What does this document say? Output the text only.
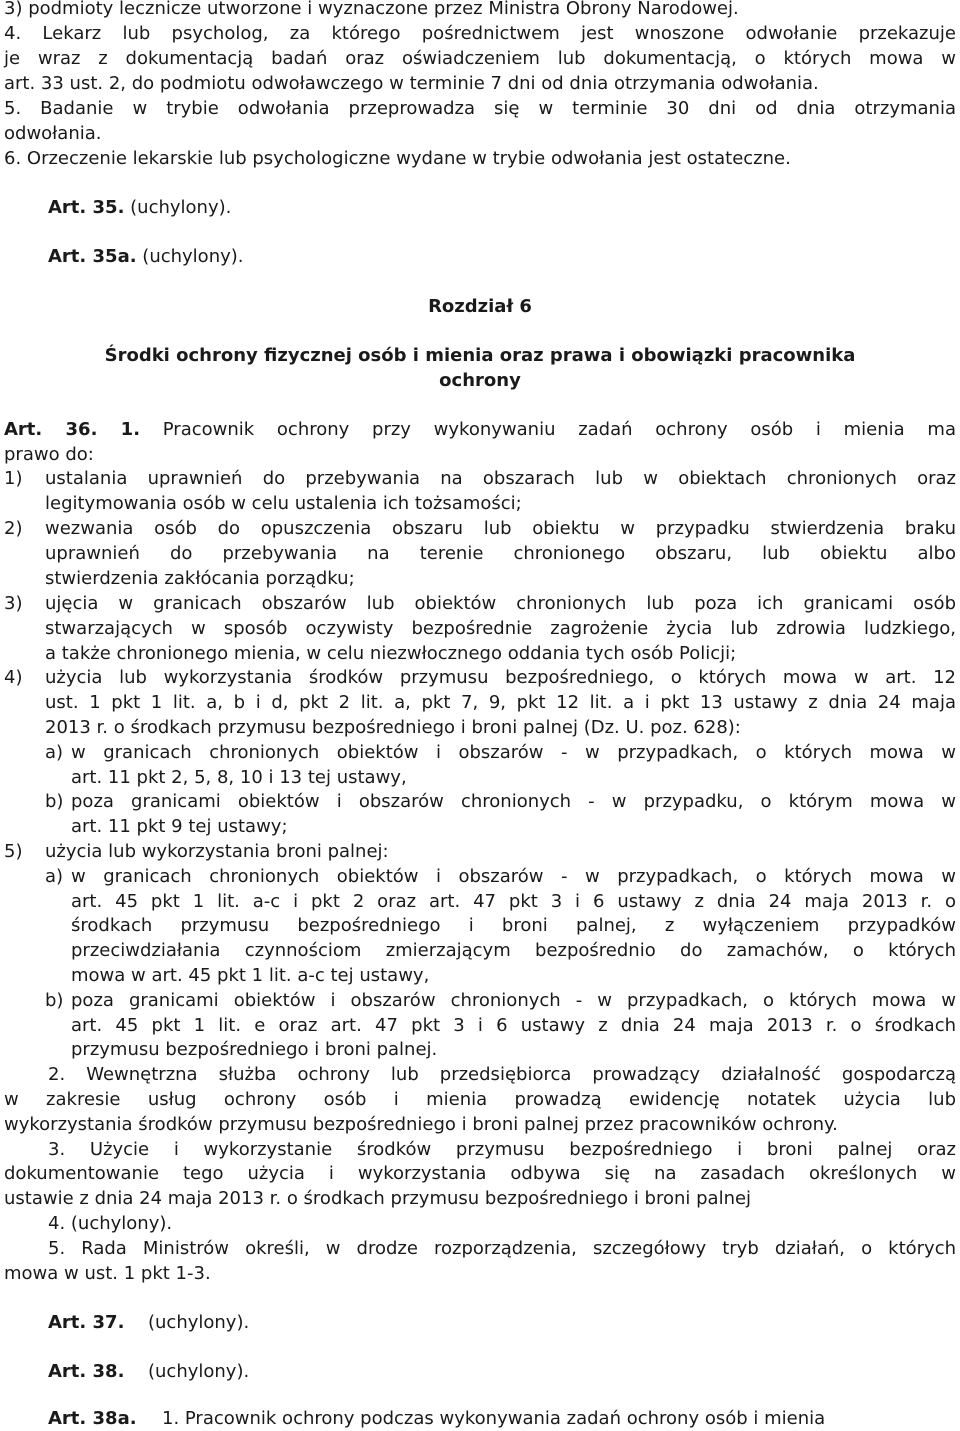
3) podmioty lecznicze utworzone i wyznaczone przez Ministra Obrony Narodowej.
4. Lekarz lub psycholog, za którego pośrednictwem jest wnoszone odwołanie przekazuje
je wraz z dokumentacją badań oraz oświadczeniem lub dokumentacją, o których mowa w
art. 33 ust. 2, do podmiotu odwoławczego w terminie 7 dni od dnia otrzymania odwołania.
5. Badanie w trybie odwołania przeprowadza się w terminie 30 dni od dnia otrzymania
odwołania.
6. Orzeczenie lekarskie lub psychologiczne wydane w trybie odwołania jest ostateczne.
Art. 35. (uchylony).
Art. 35a. (uchylony).
Rozdział 6
Środki ochrony fizycznej osób i mienia oraz prawa i obowiązki pracownika
ochrony
Art. 36. 1. Pracownik ochrony przy wykonywaniu zadań ochrony osób i mienia ma
prawo do:
1)	ustalania uprawnień do przebywania na obszarach lub w obiektach chronionych oraz
legitymowania osób w celu ustalenia ich tożsamości;
2)	wezwania osób do opuszczenia obszaru lub obiektu w przypadku stwierdzenia braku
uprawnień do przebywania na terenie chronionego obszaru, lub obiektu albo
stwierdzenia zakłócania porządku;
3)	ujęcia w granicach obszarów lub obiektów chronionych lub poza ich granicami osób
stwarzających w sposób oczywisty bezpośrednie zagrożenie życia lub zdrowia ludzkiego,
a także chronionego mienia, w celu niezwłocznego oddania tych osób Policji;
4)	użycia lub wykorzystania środków przymusu bezpośredniego, o których mowa w art. 12
ust. 1 pkt 1 lit. a, b i d, pkt 2 lit. a, pkt 7, 9, pkt 12 lit. a i pkt 13 ustawy z dnia 24 maja
2013 r. o środkach przymusu bezpośredniego i broni palnej (Dz. U. poz. 628):
a) w granicach chronionych obiektów i obszarów - w przypadkach, o których mowa w
art. 11 pkt 2, 5, 8, 10 i 13 tej ustawy,
b) poza granicami obiektów i obszarów chronionych - w przypadku, o którym mowa w
art. 11 pkt 9 tej ustawy;
5)	użycia lub wykorzystania broni palnej:
a) w granicach chronionych obiektów i obszarów - w przypadkach, o których mowa w
art. 45 pkt 1 lit. a-c i pkt 2 oraz art. 47 pkt 3 i 6 ustawy z dnia 24 maja 2013 r. o
środkach przymusu bezpośredniego i broni palnej, z wyłączeniem przypadków
przeciwdziałania czynnościom zmierzającym bezpośrednio do zamachów, o których
mowa w art. 45 pkt 1 lit. a-c tej ustawy,
b) poza granicami obiektów i obszarów chronionych - w przypadkach, o których mowa w
art. 45 pkt 1 lit. e oraz art. 47 pkt 3 i 6 ustawy z dnia 24 maja 2013 r. o środkach
przymusu bezpośredniego i broni palnej.
2. Wewnętrzna służba ochrony lub przedsiębiorca prowadzący działalność gospodarczą
w zakresie usług ochrony osób i mienia prowadzą ewidencję notatek użycia lub
wykorzystania środków przymusu bezpośredniego i broni palnej przez pracowników ochrony.
3. Użycie i wykorzystanie środków przymusu bezpośredniego i broni palnej oraz
dokumentowanie tego użycia i wykorzystania odbywa się na zasadach określonych w
ustawie z dnia 24 maja 2013 r. o środkach przymusu bezpośredniego i broni palnej
4. (uchylony).
5. Rada Ministrów określi, w drodze rozporządzenia, szczegółowy tryb działań, o których
mowa w ust. 1 pkt 1-3.
Art. 37. (uchylony).
Art. 38. (uchylony).
Art. 38a. 1. Pracownik ochrony podczas wykonywania zadań ochrony osób i mienia
